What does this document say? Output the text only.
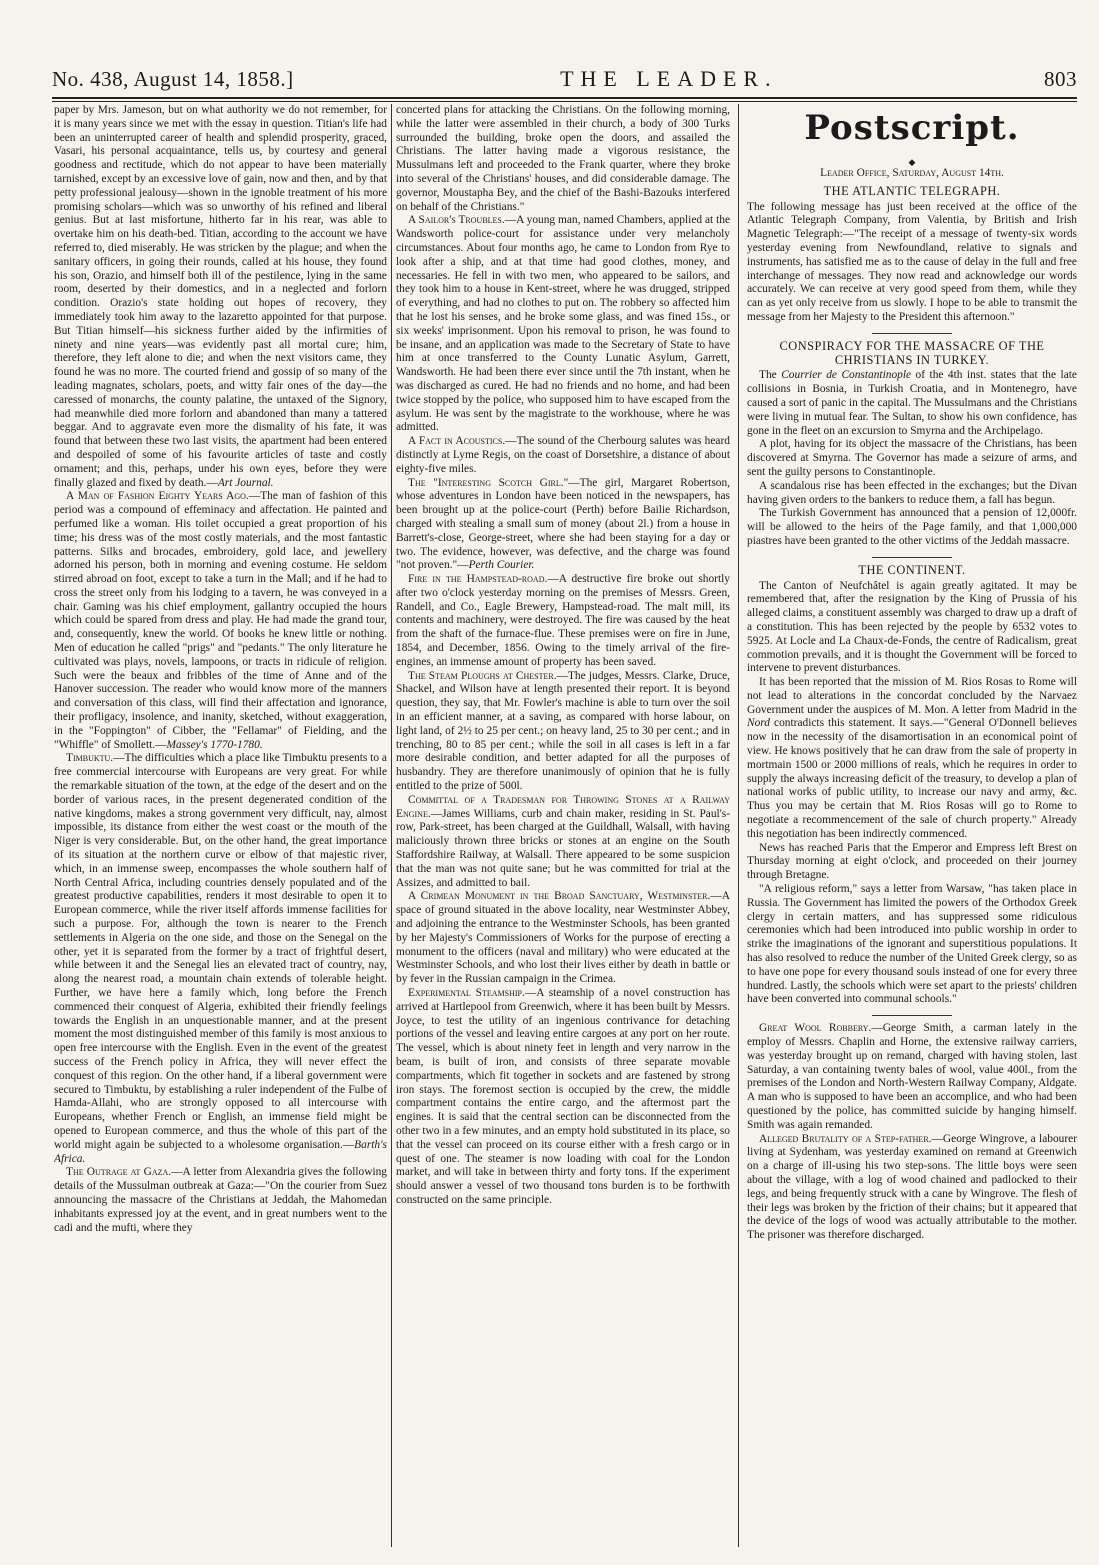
No. 438, August 14, 1858.]	THE LEADER.	803

paper by Mrs. Jameson, but on what authority we do not remember, for it is many years since we met with the essay in question. Titian's life had been an uninterrupted career of health and splendid prosperity, graced, Vasari, his personal acquaintance, tells us, by courtesy and general goodness and rectitude, which do not appear to have been materially tarnished, except by an excessive love of gain, now and then, and by that petty professional jealousy—shown in the ignoble treatment of his more promising scholars—which was so unworthy of his refined and liberal genius. But at last misfortune, hitherto far in his rear, was able to overtake him on his death-bed. Titian, according to the account we have referred to, died miserably. He was stricken by the plague; and when the sanitary officers, in going their rounds, called at his house, they found his son, Orazio, and himself both ill of the pestilence, lying in the same room, deserted by their domestics, and in a neglected and forlorn condition. Orazio's state holding out hopes of recovery, they immediately took him away to the lazaretto appointed for that purpose. But Titian himself—his sickness further aided by the infirmities of ninety and nine years—was evidently past all mortal cure; him, therefore, they left alone to die; and when the next visitors came, they found he was no more. The courted friend and gossip of so many of the leading magnates, scholars, poets, and witty fair ones of the day—the caressed of monarchs, the county palatine, the untaxed of the Signory, had meanwhile died more forlorn and abandoned than many a tattered beggar. And to aggravate even more the dismality of his fate, it was found that between these two last visits, the apartment had been entered and despoiled of some of his favourite articles of taste and costly ornament; and this, perhaps, under his own eyes, before they were finally glazed and fixed by death.—Art Journal.

A Man of Fashion Eighty Years Ago.—The man of fashion of this period was a compound of effeminacy and affectation. He painted and perfumed like a woman. His toilet occupied a great proportion of his time; his dress was of the most costly materials, and the most fantastic patterns. Silks and brocades, embroidery, gold lace, and jewellery adorned his person, both in morning and evening costume. He seldom stirred abroad on foot, except to take a turn in the Mall; and if he had to cross the street only from his lodging to a tavern, he was conveyed in a chair. Gaming was his chief employment, gallantry occupied the hours which could be spared from dress and play. He had made the grand tour, and, consequently, knew the world. Of books he knew little or nothing. Men of education he called "prigs" and "pedants." The only literature he cultivated was plays, novels, lampoons, or tracts in ridicule of religion. Such were the beaux and fribbles of the time of Anne and of the Hanover succession. The reader who would know more of the manners and conversation of this class, will find their affectation and ignorance, their profligacy, insolence, and inanity, sketched, without exaggeration, in the "Foppington" of Cibber, the "Fellamar" of Fielding, and the "Whiffle" of Smollett.—Massey's 1770-1780.

Timbuktu.—The difficulties which a place like Timbuktu presents to a free commercial intercourse with Europeans are very great. For while the remarkable situation of the town, at the edge of the desert and on the border of various races, in the present degenerated condition of the native kingdoms, makes a strong government very difficult, nay, almost impossible, its distance from either the west coast or the mouth of the Niger is very considerable. But, on the other hand, the great importance of its situation at the northern curve or elbow of that majestic river, which, in an immense sweep, encompasses the whole southern half of North Central Africa, including countries densely populated and of the greatest productive capabilities, renders it most desirable to open it to European commerce, while the river itself affords immense facilities for such a purpose. For, although the town is nearer to the French settlements in Algeria on the one side, and those on the Senegal on the other, yet it is separated from the former by a tract of frightful desert, while between it and the Senegal lies an elevated tract of country, nay, along the nearest road, a mountain chain extends of tolerable height. Further, we have here a family which, long before the French commenced their conquest of Algeria, exhibited their friendly feelings towards the English in an unquestionable manner, and at the present moment the most distinguished member of this family is most anxious to open free intercourse with the English. Even in the event of the greatest success of the French policy in Africa, they will never effect the conquest of this region. On the other hand, if a liberal government were secured to Timbuktu, by establishing a ruler independent of the Fulbe of Hamda-Allahi, who are strongly opposed to all intercourse with Europeans, whether French or English, an immense field might be opened to European commerce, and thus the whole of this part of the world might again be subjected to a wholesome organisation.—Barth's Africa.

The Outrage at Gaza.—A letter from Alexandria gives the following details of the Mussulman outbreak at Gaza:—"On the courier from Suez announcing the massacre of the Christians at Jeddah, the Mahomedan inhabitants expressed joy at the event, and in great numbers went to the cadi and the mufti, where they

concerted plans for attacking the Christians. On the following morning, while the latter were assembled in their church, a body of 300 Turks surrounded the building, broke open the doors, and assailed the Christians. The latter having made a vigorous resistance, the Mussulmans left and proceeded to the Frank quarter, where they broke into several of the Christians' houses, and did considerable damage. The governor, Moustapha Bey, and the chief of the Bashi-Bazouks interfered on behalf of the Christians."

A Sailor's Troubles.—A young man, named Chambers, applied at the Wandsworth police-court for assistance under very melancholy circumstances. About four months ago, he came to London from Rye to look after a ship, and at that time had good clothes, money, and necessaries. He fell in with two men, who appeared to be sailors, and they took him to a house in Kent-street, where he was drugged, stripped of everything, and had no clothes to put on. The robbery so affected him that he lost his senses, and he broke some glass, and was fined 15s., or six weeks' imprisonment. Upon his removal to prison, he was found to be insane, and an application was made to the Secretary of State to have him at once transferred to the County Lunatic Asylum, Garrett, Wandsworth. He had been there ever since until the 7th instant, when he was discharged as cured. He had no friends and no home, and had been twice stopped by the police, who supposed him to have escaped from the asylum. He was sent by the magistrate to the workhouse, where he was admitted.

A Fact in Acoustics.—The sound of the Cherbourg salutes was heard distinctly at Lyme Regis, on the coast of Dorsetshire, a distance of about eighty-five miles.

The "Interesting Scotch Girl."—The girl, Margaret Robertson, whose adventures in London have been noticed in the newspapers, has been brought up at the police-court (Perth) before Bailie Richardson, charged with stealing a small sum of money (about 2l.) from a house in Barrett's-close, George-street, where she had been staying for a day or two. The evidence, however, was defective, and the charge was found "not proven."—Perth Courier.

Fire in the Hampstead-road.—A destructive fire broke out shortly after two o'clock yesterday morning on the premises of Messrs. Green, Randell, and Co., Eagle Brewery, Hampstead-road. The malt mill, its contents and machinery, were destroyed. The fire was caused by the heat from the shaft of the furnace-flue. These premises were on fire in June, 1854, and December, 1856. Owing to the timely arrival of the fire-engines, an immense amount of property has been saved.

The Steam Ploughs at Chester.—The judges, Messrs. Clarke, Druce, Shackel, and Wilson have at length presented their report. It is beyond question, they say, that Mr. Fowler's machine is able to turn over the soil in an efficient manner, at a saving, as compared with horse labour, on light land, of 2½ to 25 per cent.; on heavy land, 25 to 30 per cent.; and in trenching, 80 to 85 per cent.; while the soil in all cases is left in a far more desirable condition, and better adapted for all the purposes of husbandry. They are therefore unanimously of opinion that he is fully entitled to the prize of 500l.

Committal of a Tradesman for Throwing Stones at a Railway Engine.—James Williams, curb and chain maker, residing in St. Paul's-row, Park-street, has been charged at the Guildhall, Walsall, with having maliciously thrown three bricks or stones at an engine on the South Staffordshire Railway, at Walsall. There appeared to be some suspicion that the man was not quite sane; but he was committed for trial at the Assizes, and admitted to bail.

A Crimean Monument in the Broad Sanctuary, Westminster.—A space of ground situated in the above locality, near Westminster Abbey, and adjoining the entrance to the Westminster Schools, has been granted by her Majesty's Commissioners of Works for the purpose of erecting a monument to the officers (naval and military) who were educated at the Westminster Schools, and who lost their lives either by death in battle or by fever in the Russian campaign in the Crimea.

Experimental Steamship.—A steamship of a novel construction has arrived at Hartlepool from Greenwich, where it has been built by Messrs. Joyce, to test the utility of an ingenious contrivance for detaching portions of the vessel and leaving entire cargoes at any port on her route. The vessel, which is about ninety feet in length and very narrow in the beam, is built of iron, and consists of three separate movable compartments, which fit together in sockets and are fastened by strong iron stays. The foremost section is occupied by the crew, the middle compartment contains the entire cargo, and the aftermost part the engines. It is said that the central section can be disconnected from the other two in a few minutes, and an empty hold substituted in its place, so that the vessel can proceed on its course either with a fresh cargo or in quest of one. The steamer is now loading with coal for the London market, and will take in between thirty and forty tons. If the experiment should answer a vessel of two thousand tons burden is to be forthwith constructed on the same principle.

Postscript.
◆
Leader Office, Saturday, August 14th.
THE ATLANTIC TELEGRAPH.

The following message has just been received at the office of the Atlantic Telegraph Company, from Valentia, by British and Irish Magnetic Telegraph:—"The receipt of a message of twenty-six words yesterday evening from Newfoundland, relative to signals and instruments, has satisfied me as to the cause of delay in the full and free interchange of messages. They now read and acknowledge our words accurately. We can receive at very good speed from them, while they can as yet only receive from us slowly. I hope to be able to transmit the message from her Majesty to the President this afternoon."

CONSPIRACY FOR THE MASSACRE OF THE CHRISTIANS IN TURKEY.

The Courrier de Constantinople of the 4th inst. states that the late collisions in Bosnia, in Turkish Croatia, and in Montenegro, have caused a sort of panic in the capital. The Mussulmans and the Christians were living in mutual fear. The Sultan, to show his own confidence, has gone in the fleet on an excursion to Smyrna and the Archipelago.

A plot, having for its object the massacre of the Christians, has been discovered at Smyrna. The Governor has made a seizure of arms, and sent the guilty persons to Constantinople.

A scandalous rise has been effected in the exchanges; but the Divan having given orders to the bankers to reduce them, a fall has begun.

The Turkish Government has announced that a pension of 12,000fr. will be allowed to the heirs of the Page family, and that 1,000,000 piastres have been granted to the other victims of the Jeddah massacre.

THE CONTINENT.

The Canton of Neufchâtel is again greatly agitated. It may be remembered that, after the resignation by the King of Prussia of his alleged claims, a constituent assembly was charged to draw up a draft of a constitution. This has been rejected by the people by 6532 votes to 5925. At Locle and La Chaux-de-Fonds, the centre of Radicalism, great commotion prevails, and it is thought the Government will be forced to intervene to prevent disturbances.

It has been reported that the mission of M. Rios Rosas to Rome will not lead to alterations in the concordat concluded by the Narvaez Government under the auspices of M. Mon. A letter from Madrid in the Nord contradicts this statement. It says.—"General O'Donnell believes now in the necessity of the disamortisation in an economical point of view. He knows positively that he can draw from the sale of property in mortmain 1500 or 2000 millions of reals, which he requires in order to supply the always increasing deficit of the treasury, to develop a plan of national works of public utility, to increase our navy and army, &c. Thus you may be certain that M. Rios Rosas will go to Rome to negotiate a recommencement of the sale of church property." Already this negotiation has been indirectly commenced.

News has reached Paris that the Emperor and Empress left Brest on Thursday morning at eight o'clock, and proceeded on their journey through Bretagne.

"A religious reform," says a letter from Warsaw, "has taken place in Russia. The Government has limited the powers of the Orthodox Greek clergy in certain matters, and has suppressed some ridiculous ceremonies which had been introduced into public worship in order to strike the imaginations of the ignorant and superstitious populations. It has also resolved to reduce the number of the United Greek clergy, so as to have one pope for every thousand souls instead of one for every three hundred. Lastly, the schools which were set apart to the priests' children have been converted into communal schools."

Great Wool Robbery.—George Smith, a carman lately in the employ of Messrs. Chaplin and Horne, the extensive railway carriers, was yesterday brought up on remand, charged with having stolen, last Saturday, a van containing twenty bales of wool, value 400l., from the premises of the London and North-Western Railway Company, Aldgate. A man who is supposed to have been an accomplice, and who had been questioned by the police, has committed suicide by hanging himself. Smith was again remanded.

Alleged Brutality of a Step-father.—George Wingrove, a labourer living at Sydenham, was yesterday examined on remand at Greenwich on a charge of ill-using his two step-sons. The little boys were seen about the village, with a log of wood chained and padlocked to their legs, and being frequently struck with a cane by Wingrove. The flesh of their legs was broken by the friction of their chains; but it appeared that the device of the logs of wood was actually attributable to the mother. The prisoner was therefore discharged.
